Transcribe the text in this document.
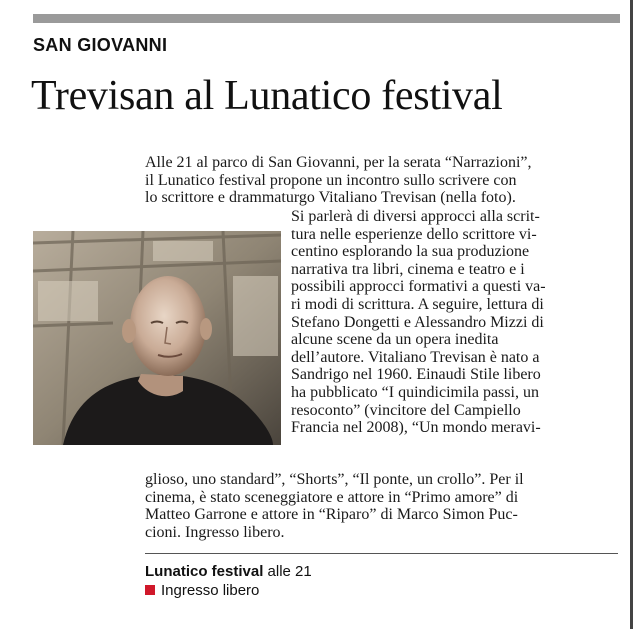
SAN GIOVANNI
Trevisan al Lunatico festival
Alle 21 al parco di San Giovanni, per la serata “Narrazioni”,
il Lunatico festival propone un incontro sullo scrivere con
lo scrittore e drammaturgo Vitaliano Trevisan (nella foto).
Si parlerà di diversi approcci alla scrit-
tura nelle esperienze dello scrittore vi-
centino esplorando la sua produzione
narrativa tra libri, cinema e teatro e i
possibili approcci formativi a questi va-
ri modi di scrittura. A seguire, lettura di
Stefano Dongetti e Alessandro Mizzi di
alcune scene da un opera inedita
dell’autore. Vitaliano Trevisan è nato a
Sandrigo nel 1960. Einaudi Stile libero
ha pubblicato “I quindicimila passi, un
resoconto” (vincitore del Campiello
Francia nel 2008), “Un mondo meravi-
glioso, uno standard”, “Shorts”, “Il ponte, un crollo”. Per il
cinema, è stato sceneggiatore e attore in “Primo amore” di
Matteo Garrone e attore in “Riparo” di Marco Simon Puc-
cioni. Ingresso libero.
Lunatico festival alle 21
Ingresso libero
